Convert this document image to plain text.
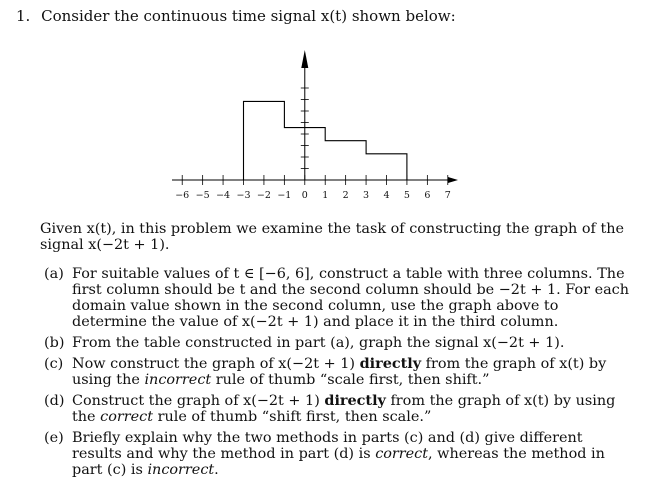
1. Consider the continuous time signal x(t) shown below:
−6 −5 −4 −3 −2 −1 0 1 2 3 4 5 6 7
Given x(t), in this problem we examine the task of constructing the graph of the signal x(−2t + 1).
(a) For suitable values of t ∈ [−6, 6], construct a table with three columns. The first column should be t and the second column should be −2t + 1. For each domain value shown in the second column, use the graph above to determine the value of x(−2t + 1) and place it in the third column.
(b) From the table constructed in part (a), graph the signal x(−2t + 1).
(c) Now construct the graph of x(−2t + 1) directly from the graph of x(t) by using the incorrect rule of thumb “scale first, then shift.”
(d) Construct the graph of x(−2t + 1) directly from the graph of x(t) by using the correct rule of thumb “shift first, then scale.”
(e) Briefly explain why the two methods in parts (c) and (d) give different results and why the method in part (d) is correct, whereas the method in part (c) is incorrect.
